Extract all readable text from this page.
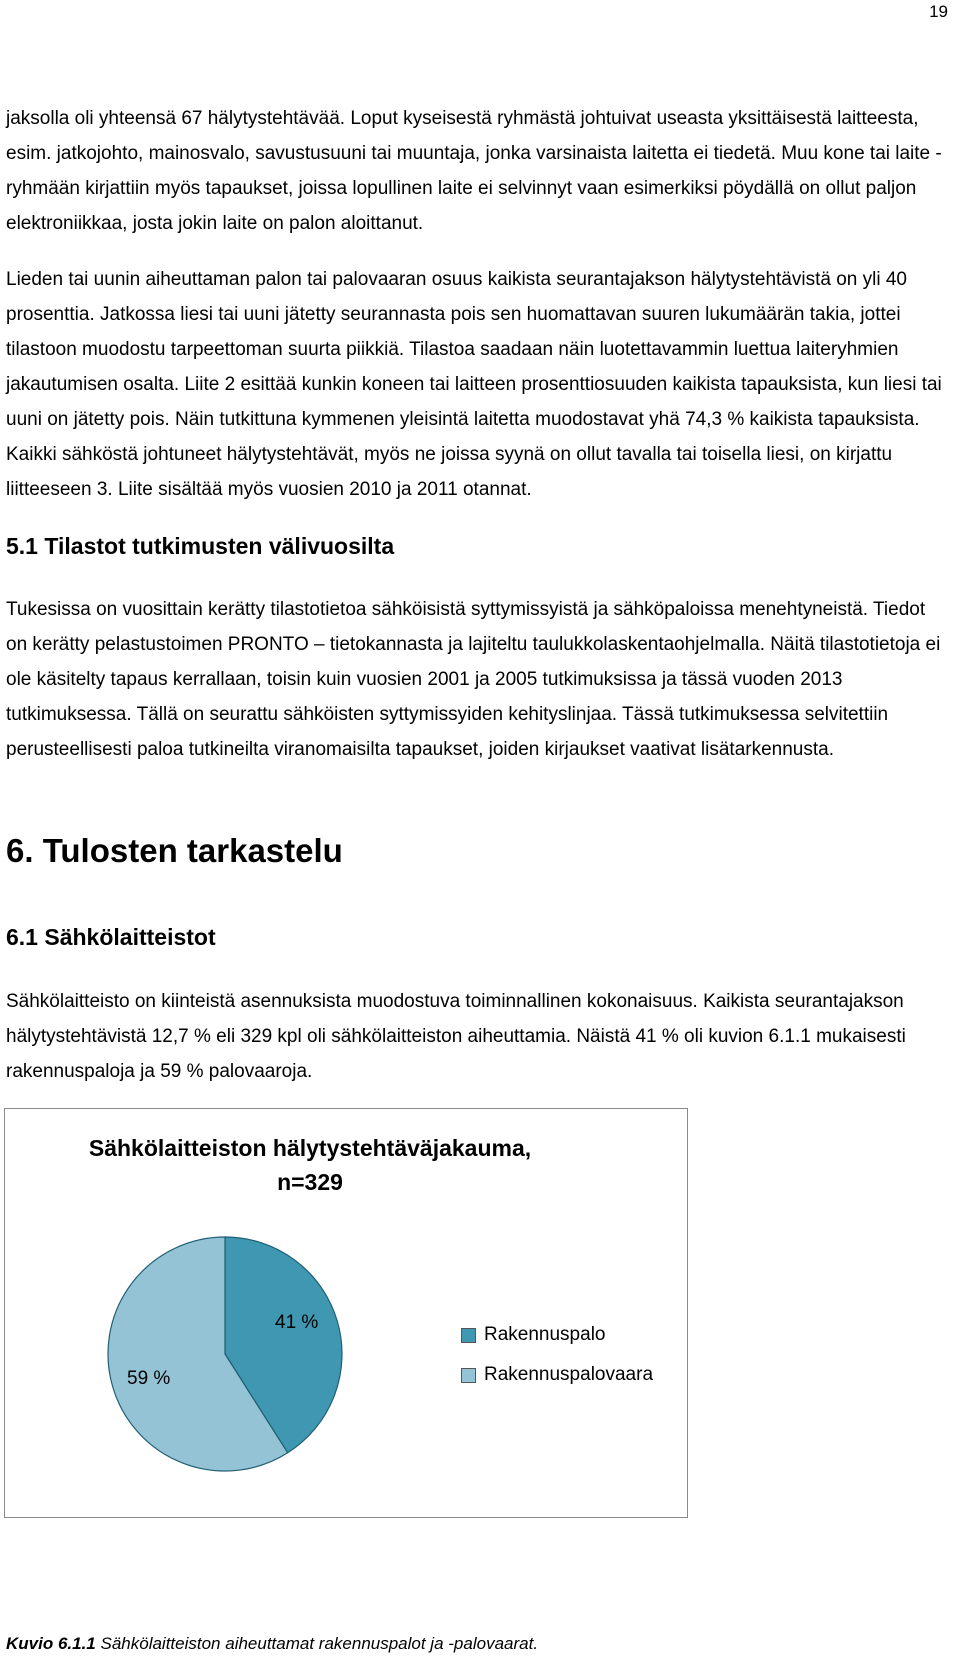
19

jaksolla oli yhteensä 67 hälytystehtävää. Loput kyseisestä ryhmästä johtuivat useasta yksittäisestä laitteesta, esim. jatkojohto, mainosvalo, savustusuuni tai muuntaja, jonka varsinaista laitetta ei tiedetä. Muu kone tai laite -ryhmään kirjattiin myös tapaukset, joissa lopullinen laite ei selvinnyt vaan esimerkiksi pöydällä on ollut paljon elektroniikkaa, josta jokin laite on palon aloittanut.

Lieden tai uunin aiheuttaman palon tai palovaaran osuus kaikista seurantajakson hälytystehtävistä on yli 40 prosenttia. Jatkossa liesi tai uuni jätetty seurannasta pois sen huomattavan suuren lukumäärän takia, jottei tilastoon muodostu tarpeettoman suurta piikkiä. Tilastoa saadaan näin luotettavammin luettua laiteryhmien jakautumisen osalta. Liite 2 esittää kunkin koneen tai laitteen prosenttiosuuden kaikista tapauksista, kun liesi tai uuni on jätetty pois. Näin tutkittuna kymmenen yleisintä laitetta muodostavat yhä 74,3 % kaikista tapauksista. Kaikki sähköstä johtuneet hälytystehtävät, myös ne joissa syynä on ollut tavalla tai toisella liesi, on kirjattu liitteeseen 3. Liite sisältää myös vuosien 2010 ja 2011 otannat.

5.1 Tilastot tutkimusten välivuosilta

Tukesissa on vuosittain kerätty tilastotietoa sähköisistä syttymissyistä ja sähköpaloissa menehtyneistä. Tiedot on kerätty pelastustoimen PRONTO – tietokannasta ja lajiteltu taulukkolaskentaohjelmalla. Näitä tilastotietoja ei ole käsitelty tapaus kerrallaan, toisin kuin vuosien 2001 ja 2005 tutkimuksissa ja tässä vuoden 2013 tutkimuksessa. Tällä on seurattu sähköisten syttymissyiden kehityslinjaa. Tässä tutkimuksessa selvitettiin perusteellisesti paloa tutkineilta viranomaisilta tapaukset, joiden kirjaukset vaativat lisätarkennusta.

6. Tulosten tarkastelu
6.1 Sähkölaitteistot

Sähkölaitteisto on kiinteistä asennuksista muodostuva toiminnallinen kokonaisuus. Kaikista seurantajakson hälytystehtävistä 12,7 % eli 329 kpl oli sähkölaitteiston aiheuttamia. Näistä 41 % oli kuvion 6.1.1 mukaisesti rakennuspaloja ja 59 % palovaaroja.

Sähkölaitteiston hälytystehtäväjakauma,
n=329
41 %
59 %
Rakennuspalo
Rakennuspalovaara
Kuvio 6.1.1 Sähkölaitteiston aiheuttamat rakennuspalot ja -palovaarat.
